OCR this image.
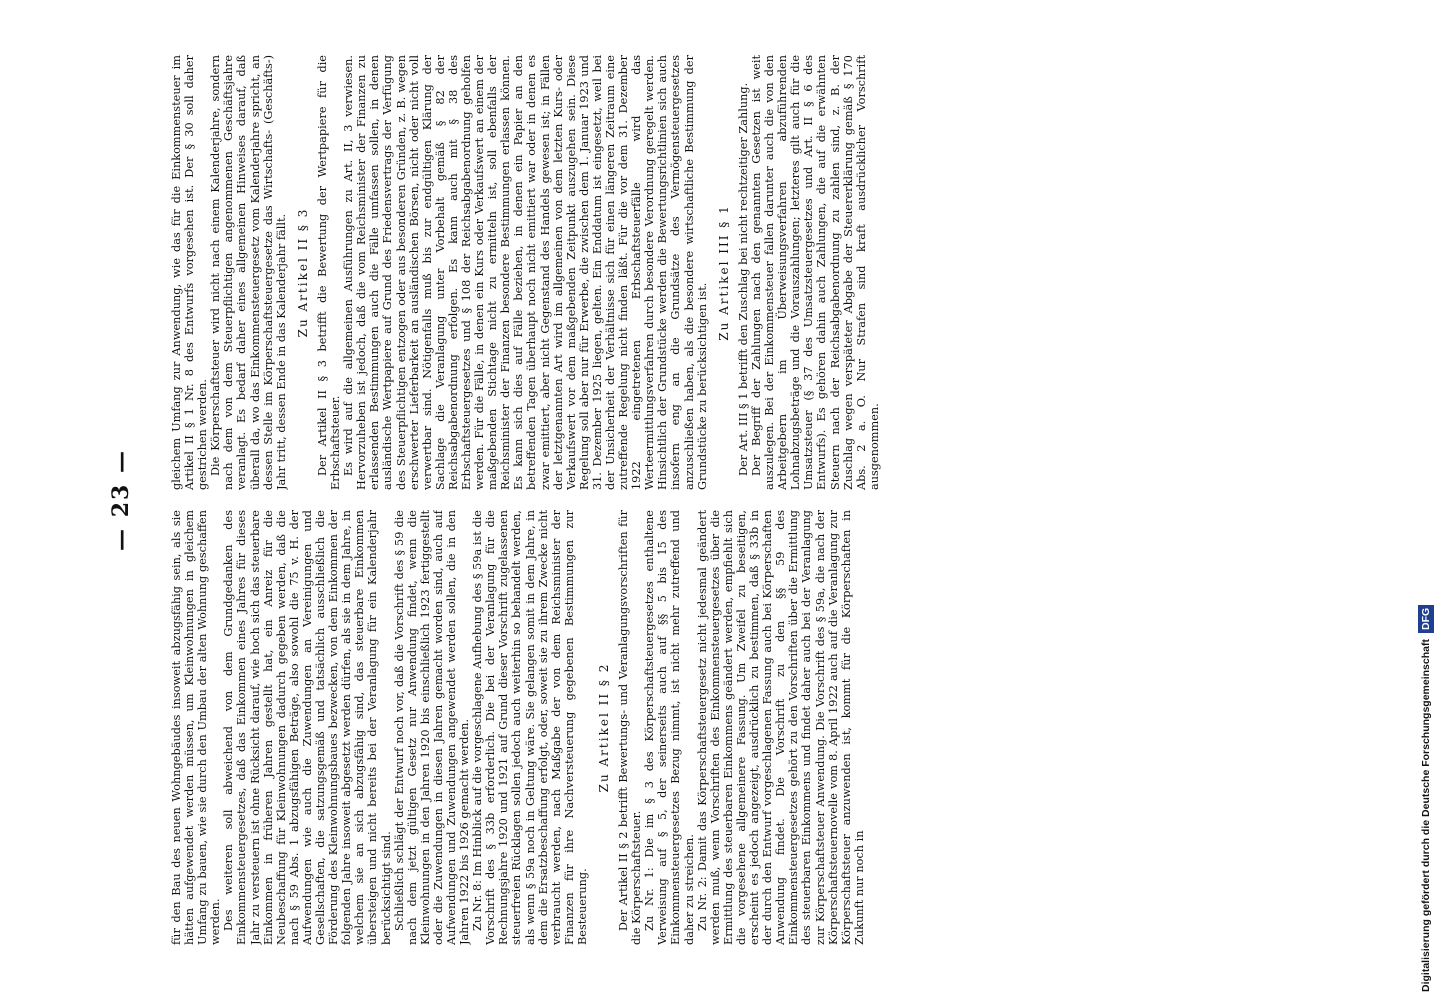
— 23 —

für den Bau des neuen Wohngebäudes insoweit abzugsfähig sein, als sie hätten aufgewendet werden müssen, um Kleinwohnungen in gleichem Umfang zu bauen, wie sie durch den Umbau der alten Wohnung geschaffen werden. Des weiteren soll abweichend von dem Grundgedanken des Einkommensteuergesetzes, daß das Einkommen eines Jahres für dieses Jahr zu versteuern ist ohne Rücksicht darauf, wie hoch sich das steuerbare Einkommen in früheren Jahren gestellt hat, ein Anreiz für die Neubeschaffung für Kleinwohnungen dadurch gegeben werden, daß die nach § 59 Abs. 1 abzugsfähigen Beträge, also sowohl die 75 v. H. der Aufwendungen wie auch die Zuwendungen an Vereinigungen und Gesellschaften, die satzungsgemäß und tatsächlich ausschließlich die Förderung des Kleinwohnungsbaues bezwecken, von dem Einkommen der folgenden Jahre insoweit abgesetzt werden dürfen, als sie in dem Jahre, in welchem sie an sich abzugsfähig sind, das steuerbare Einkommen übersteigen und nicht bereits bei der Veranlagung für ein Kalenderjahr berücksichtigt sind. Schließlich schlägt der Entwurf noch vor, daß die Vorschrift des § 59 die nach dem jetzt gültigen Gesetz nur Anwendung findet, wenn die Kleinwohnungen in den Jahren 1920 bis einschließlich 1923 fertiggestellt oder die Zuwendungen in diesen Jahren gemacht worden sind, auch auf Aufwendungen und Zuwendungen angewendet werden sollen, die in den Jahren 1922 bis 1926 gemacht werden. Zu Nr. 8: Im Hinblick auf die vorgeschlagene Aufhebung des § 59a ist die Vorschrift des § 33b erforderlich. Die bei der Veranlagung für die Rechnungsjahre 1920 und 1921 auf Grund dieser Vorschrift zugelassenen steuerfreien Rücklagen sollen jedoch auch weiterhin so behandelt werden, als wenn § 59a noch in Geltung wäre. Sie gelangen somit in dem Jahre, in dem die Ersatzbeschaffung erfolgt, oder, soweit sie zu ihrem Zwecke nicht verbraucht werden, nach Maßgabe der von dem Reichsminister der Finanzen für ihre Nachversteuerung gegebenen Bestimmungen zur Besteuerung.

Zu Artikel II § 2 Der Artikel II § 2 betrifft Bewertungs- und Veranlagungsvorschriften für die Körperschaftsteuer. Zu Nr. 1: Die im § 3 des Körperschaftsteuergesetzes enthaltene Verweisung auf § 5, der seinerseits auch auf §§ 5 bis 15 des Einkommensteuergesetzes Bezug nimmt, ist nicht mehr zutreffend und daher zu streichen. Zu Nr. 2: Damit das Körperschaftsteuergesetz nicht jedesmal geändert werden muß, wenn Vorschriften des Einkommensteuergesetzes über die Ermittlung des steuerbaren Einkommens geändert werden, empfiehlt sich die vorgesehene allgemeinere Fassung. Um Zweifel zu beseitigen, erscheint es jedoch angezeigt, ausdrücklich zu bestimmen, daß § 33b in der durch den Entwurf vorgeschlagenen Fassung auch bei Körperschaften Anwendung findet. Die Vorschrift zu den §§ 59 des Einkommensteuergesetzes gehört zu den Vorschriften über die Ermittlung des steuerbaren Einkommens und findet daher auch bei der Veranlagung zur Körperschaftsteuer Anwendung. Die Vorschrift des § 59a, die nach der Körperschaftsteuernovelle vom 8. April 1922 auch auf die Veranlagung zur Körperschaftsteuer anzuwenden ist, kommt für die Körperschaften in Zukunft nur noch in

gleichem Umfang zur Anwendung, wie das für die Einkommensteuer im Artikel II § 1 Nr. 8 des Entwurfs vorgesehen ist. Der § 30 soll daher gestrichen werden. Die Körperschaftsteuer wird nicht nach einem Kalenderjahre, sondern nach dem von dem Steuerpflichtigen angenommenen Geschäftsjahre veranlagt. Es bedarf daher eines allgemeinen Hinweises darauf, daß überall da, wo das Einkommensteuergesetz vom Kalenderjahre spricht, an dessen Stelle im Körperschaftsteuergesetze das Wirtschafts- (Geschäfts-) Jahr tritt, dessen Ende in das Kalenderjahr fällt. Zu Artikel II § 3 Der Artikel II § 3 betrifft die Bewertung der Wertpapiere für die Erbschaftsteuer. Es wird auf die allgemeinen Ausführungen zu Art. II, 3 verwiesen. Hervorzuheben ist jedoch, daß die vom Reichsminister der Finanzen zu erlassenden Bestimmungen auch die Fälle umfassen sollen, in denen ausländische Wertpapiere auf Grund des Friedensvertrags der Verfügung des Steuerpflichtigen entzogen oder aus besonderen Gründen, z. B. wegen erschwerter Lieferbarkeit an ausländischen Börsen, nicht oder nicht voll verwertbar sind. Nötigenfalls muß bis zur endgültigen Klärung der Sachlage die Veranlagung unter Vorbehalt gemäß § 82 der Reichsabgabenordnung erfolgen. Es kann auch mit § 38 des Erbschaftsteuergesetzes und § 108 der Reichsabgabenordnung geholfen werden. Für die Fälle, in denen ein Kurs oder Verkaufswert an einem der maßgebenden Stichtage nicht zu ermitteln ist, soll ebenfalls der Reichsminister der Finanzen besondere Bestimmungen erlassen können. Es kann sich dies auf Fälle beziehen, in denen ein Papier an den betreffenden Tagen überhaupt noch nicht emittiert war oder in denen es zwar emittiert, aber nicht Gegenstand des Handels gewesen ist; in Fällen der letztgenannten Art wird im allgemeinen von dem letzten Kurs- oder Verkaufswert vor dem maßgebenden Zeitpunkt auszugehen sein. Diese Regelung soll aber nur für Erwerbe, die zwischen dem 1. Januar 1923 und 31. Dezember 1925 liegen, gelten. Ein Enddatum ist eingesetzt, weil bei der Unsicherheit der Verhältnisse sich für einen längeren Zeitraum eine zutreffende Regelung nicht finden läßt. Für die vor dem 31. Dezember 1922 eingetretenen Erbschaftsteuerfälle wird das Werteermittlungsverfahren durch besondere Verordnung geregelt werden. Hinsichtlich der Grundstücke werden die Bewertungsrichtlinien sich auch insofern eng an die Grundsätze des Vermögensteuergesetzes anzuschließen haben, als die besondere wirtschaftliche Bestimmung der Grundstücke zu berücksichtigen ist.

Zu Artikel III § 1 Der Art. III § 1 betrifft den Zuschlag bei nicht rechtzeitiger Zahlung. Der Begriff der Zahlungen nach den genannten Gesetzen ist weit auszulegen. Bei der Einkommensteuer fallen darunter auch die von den Arbeitgebern im Überweisungsverfahren abzuführenden Lohnabzugsbeträge und die Vorauszahlungen; letzteres gilt auch für die Umsatzsteuer (§ 37 des Umsatzsteuergesetzes und Art. II § 6 des Entwurfs). Es gehören dahin auch Zahlungen, die auf die erwähnten Steuern nach der Reichsabgabenordnung zu zahlen sind, z. B. der Zuschlag wegen verspäteter Abgabe der Steuererklärung gemäß § 170 Abs. 2 a. O. Nur Strafen sind kraft ausdrücklicher Vorschrift ausgenommen.

Digitalisierung gefördert durch die Deutsche ForschungsgemeinschaftDFG
